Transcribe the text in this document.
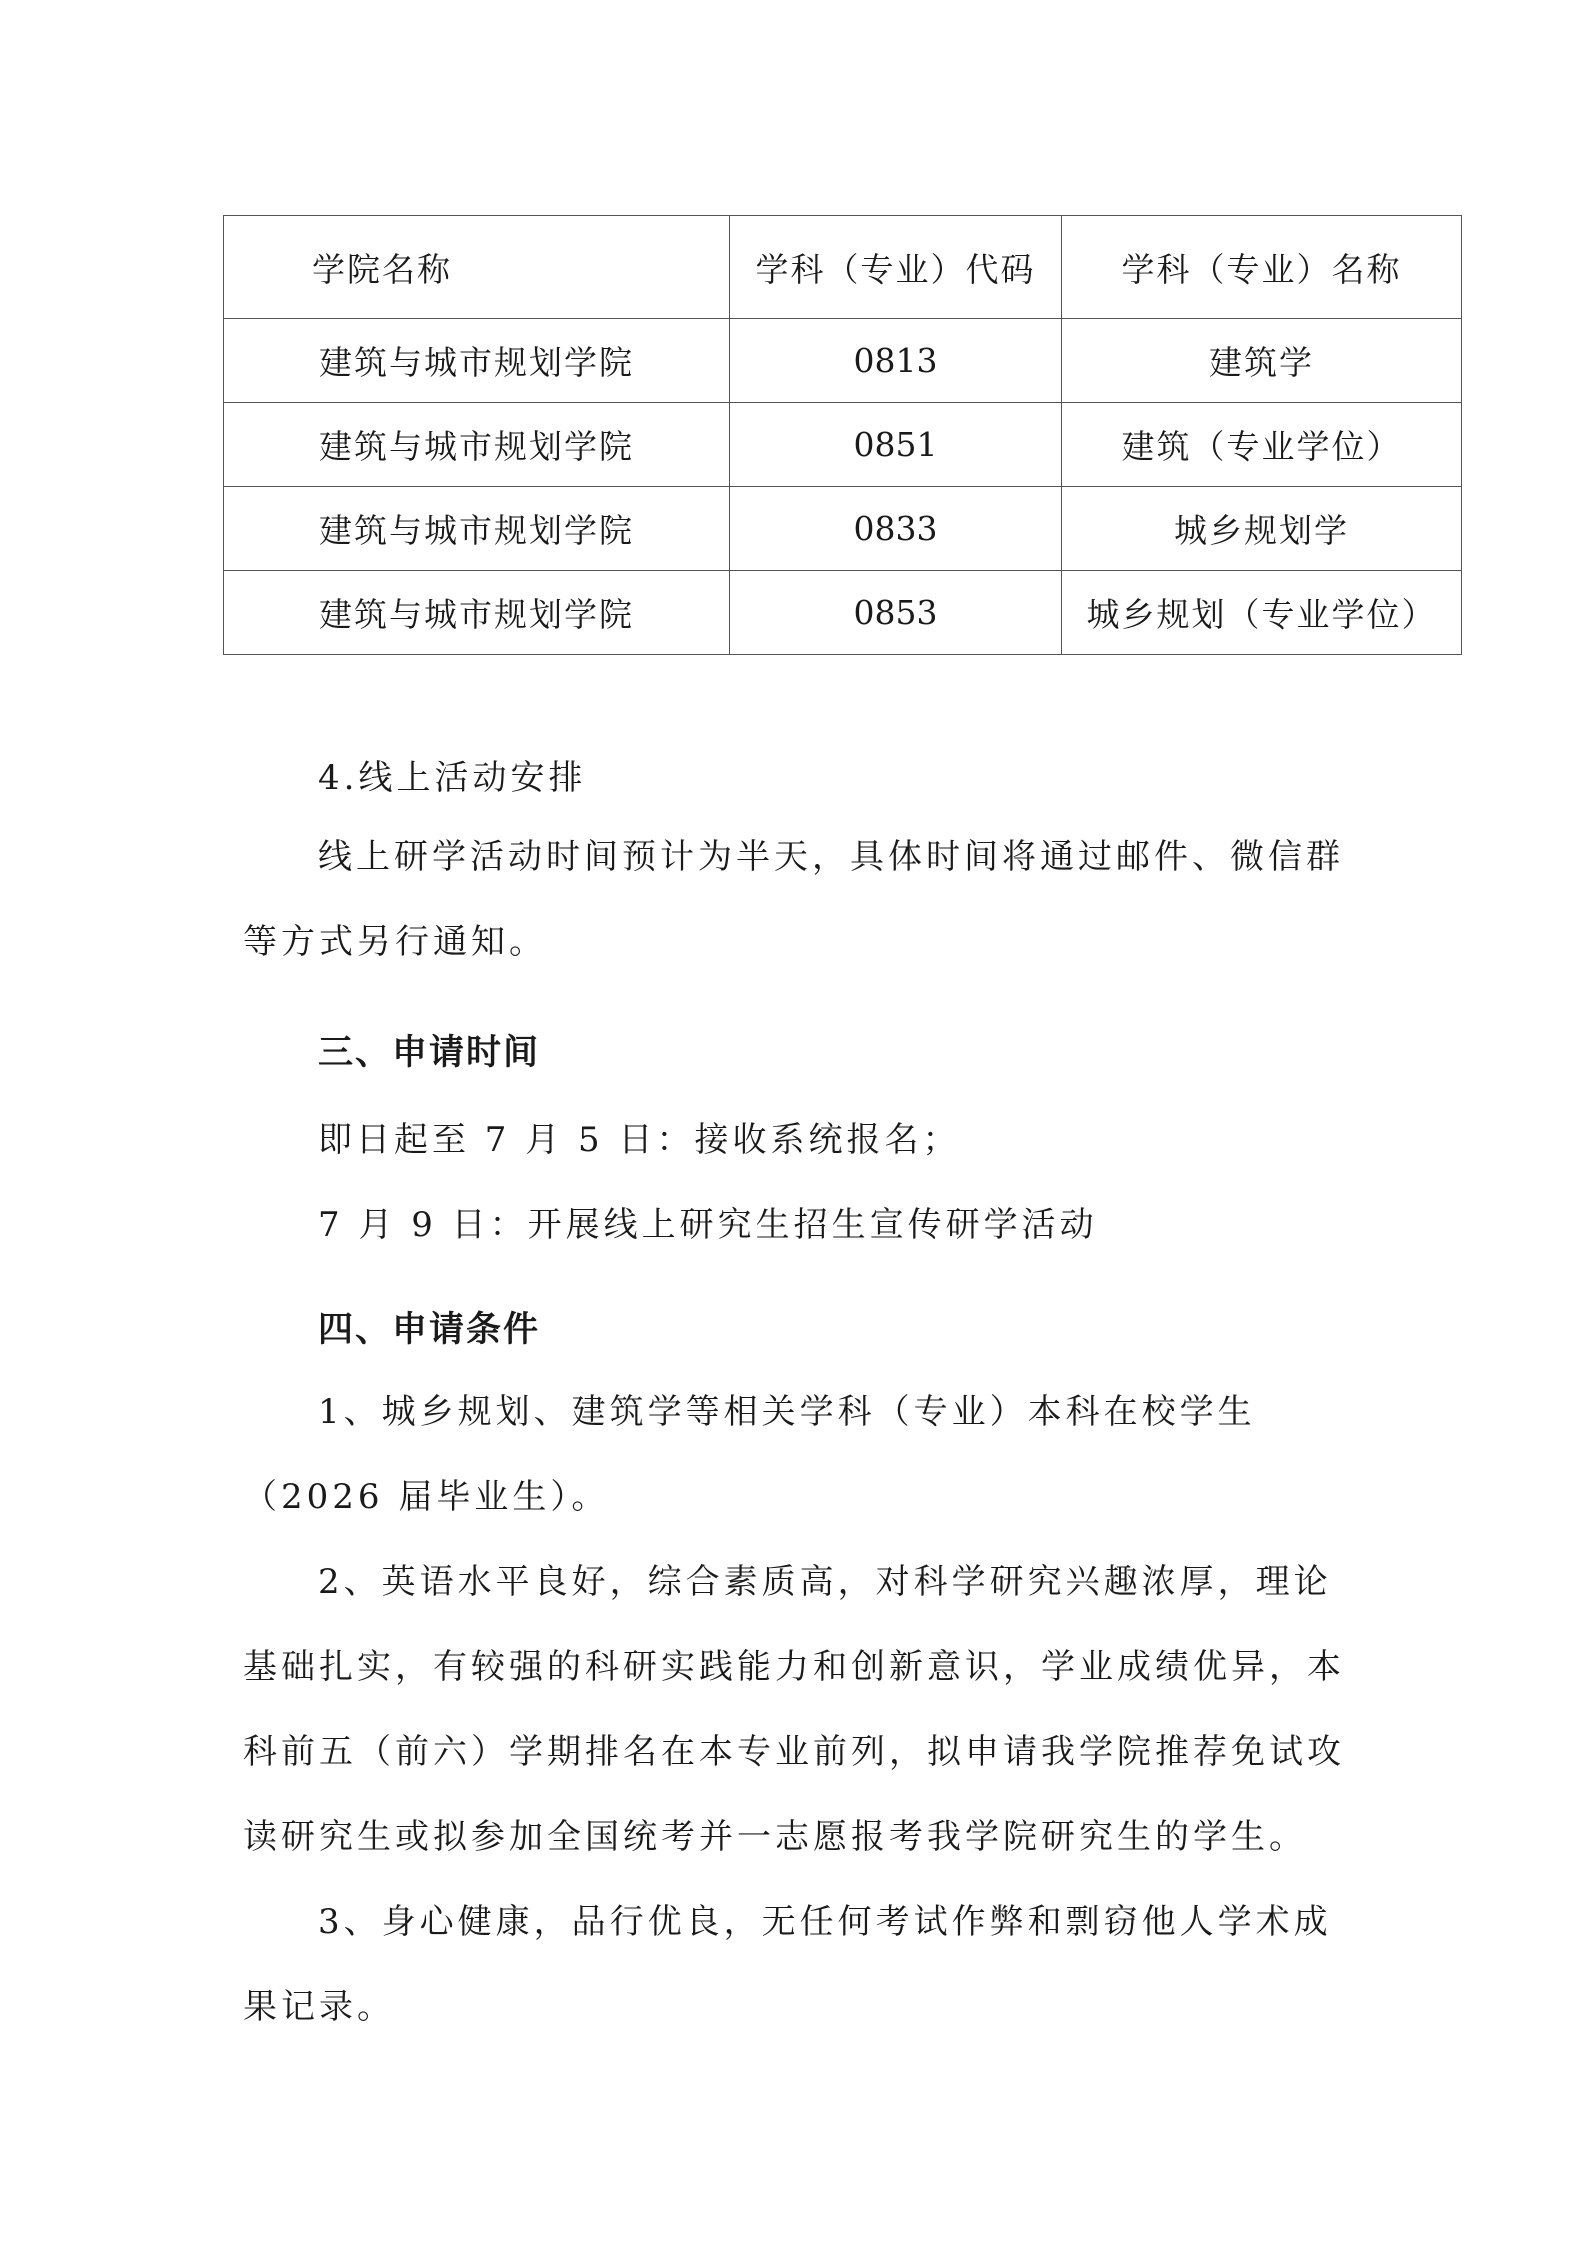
学院名称	学科（专业）代码	学科（专业）名称
建筑与城市规划学院	0813	建筑学
建筑与城市规划学院	0851	建筑（专业学位）
建筑与城市规划学院	0833	城乡规划学
建筑与城市规划学院	0853	城乡规划（专业学位）

4.线上活动安排

线上研学活动时间预计为半天，具体时间将通过邮件、微信群等方式另行通知。

三、申请时间

即日起至 7 月 5 日：接收系统报名；

7 月 9 日：开展线上研究生招生宣传研学活动

四、申请条件

1、城乡规划、建筑学等相关学科（专业）本科在校学生（2026 届毕业生）。

2、英语水平良好，综合素质高，对科学研究兴趣浓厚，理论基础扎实，有较强的科研实践能力和创新意识，学业成绩优异，本科前五（前六）学期排名在本专业前列，拟申请我学院推荐免试攻读研究生或拟参加全国统考并一志愿报考我学院研究生的学生。

3、身心健康，品行优良，无任何考试作弊和剽窃他人学术成果记录。
